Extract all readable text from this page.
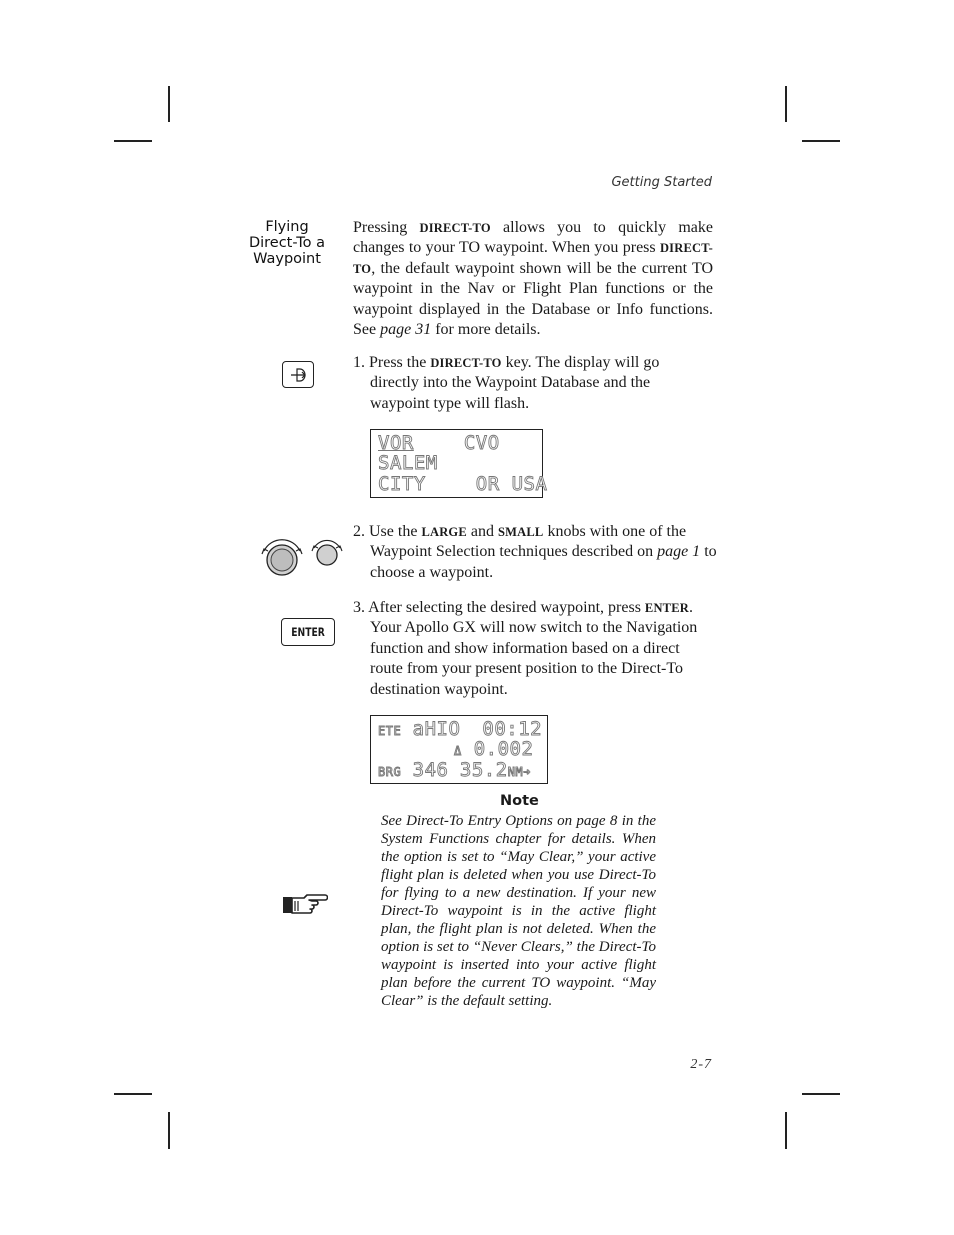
Getting Started
Flying
Direct-To a
Waypoint
Pressing DIRECT-TO allows you to quickly make changes to your TO waypoint. When you press DIRECT-TO, the default waypoint shown will be the current TO waypoint in the Nav or Flight Plan functions or the waypoint displayed in the Database or Info functions. See page 31 for more details.
1. Press the DIRECT-TO key. The display will go directly into the Waypoint Database and the waypoint type will flash.
VOR	CVO
SALEM
CITY	OR USA
2. Use the LARGE and SMALL knobs with one of the Waypoint Selection techniques described on page 1 to choose a waypoint.
ENTER
3. After selecting the desired waypoint, press ENTER. Your Apollo GX will now switch to the Navigation function and show information based on a direct route from your present position to the Direct-To destination waypoint.
ETE aHIO 00:12
Δ 0.002
BRG 346 35.2NM➜
Note
See Direct-To Entry Options on page 8 in the System Functions chapter for details. When the option is set to “May Clear,” your active flight plan is deleted when you use Direct-To for flying to a new destination. If your new Direct-To waypoint is in the active flight plan, the flight plan is not deleted. When the option is set to “Never Clears,” the Direct-To waypoint is inserted into your active flight plan before the current TO waypoint. “May Clear” is the default setting.
2-7
